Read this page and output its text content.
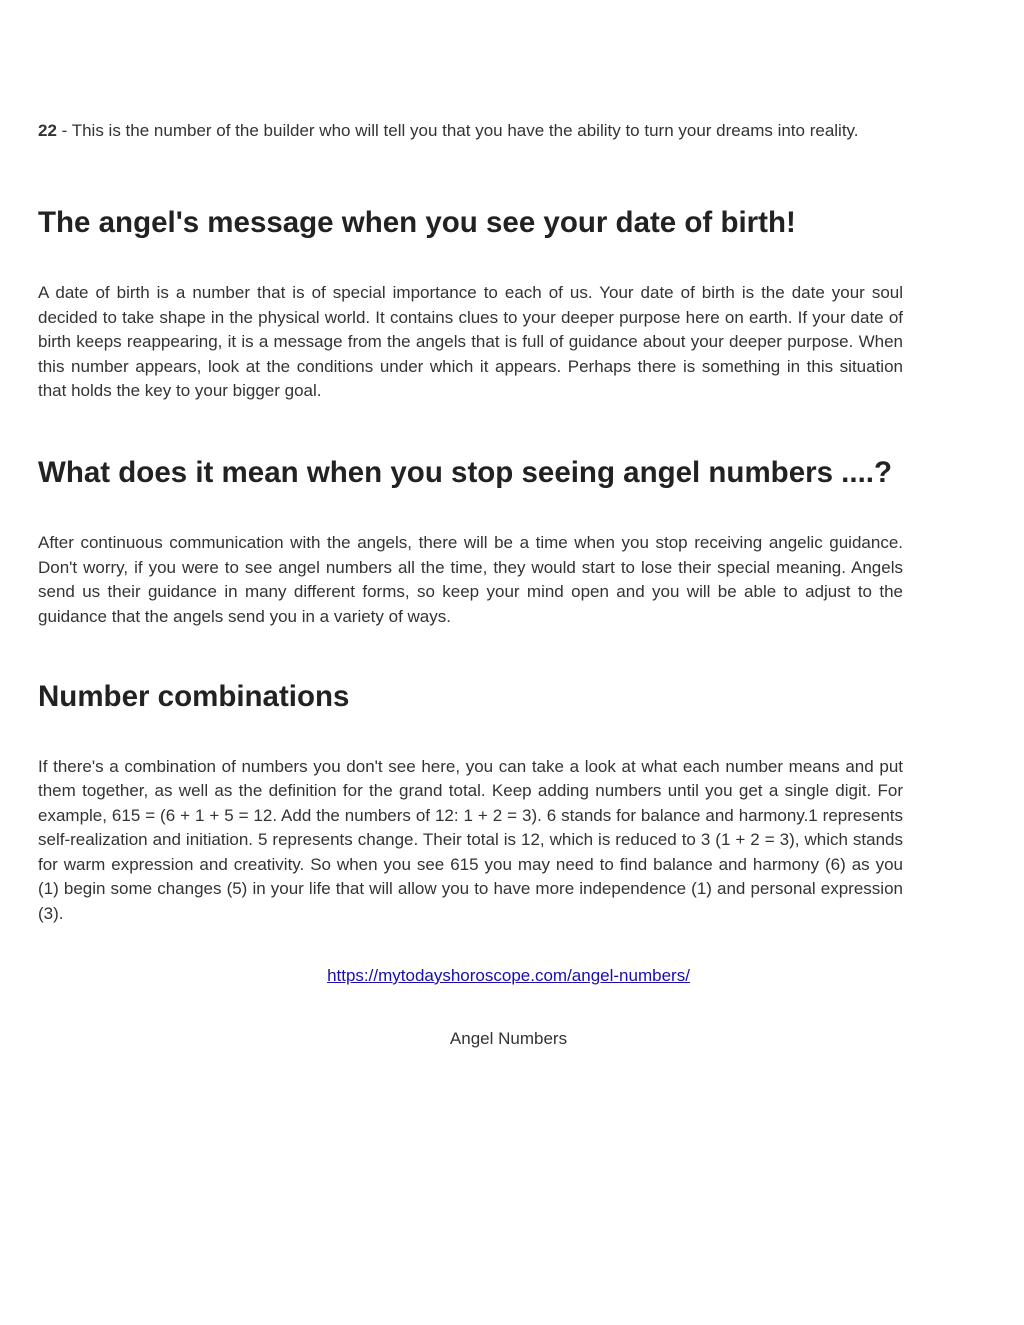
22 - This is the number of the builder who will tell you that you have the ability to turn your dreams into reality.

The angel's message when you see your date of birth!

A date of birth is a number that is of special importance to each of us. Your date of birth is the date your soul decided to take shape in the physical world. It contains clues to your deeper purpose here on earth. If your date of birth keeps reappearing, it is a message from the angels that is full of guidance about your deeper purpose. When this number appears, look at the conditions under which it appears. Perhaps there is something in this situation that holds the key to your bigger goal.

What does it mean when you stop seeing angel numbers ....?

After continuous communication with the angels, there will be a time when you stop receiving angelic guidance. Don't worry, if you were to see angel numbers all the time, they would start to lose their special meaning. Angels send us their guidance in many different forms, so keep your mind open and you will be able to adjust to the guidance that the angels send you in a variety of ways.

Number combinations

If there's a combination of numbers you don't see here, you can take a look at what each number means and put them together, as well as the definition for the grand total. Keep adding numbers until you get a single digit. For example, 615 = (6 + 1 + 5 = 12. Add the numbers of 12: 1 + 2 = 3). 6 stands for balance and harmony.1 represents self-realization and initiation. 5 represents change. Their total is 12, which is reduced to 3 (1 + 2 = 3), which stands for warm expression and creativity. So when you see 615 you may need to find balance and harmony (6) as you (1) begin some changes (5) in your life that will allow you to have more independence (1) and personal expression (3).

https://mytodayshoroscope.com/angel-numbers/
Angel Numbers
